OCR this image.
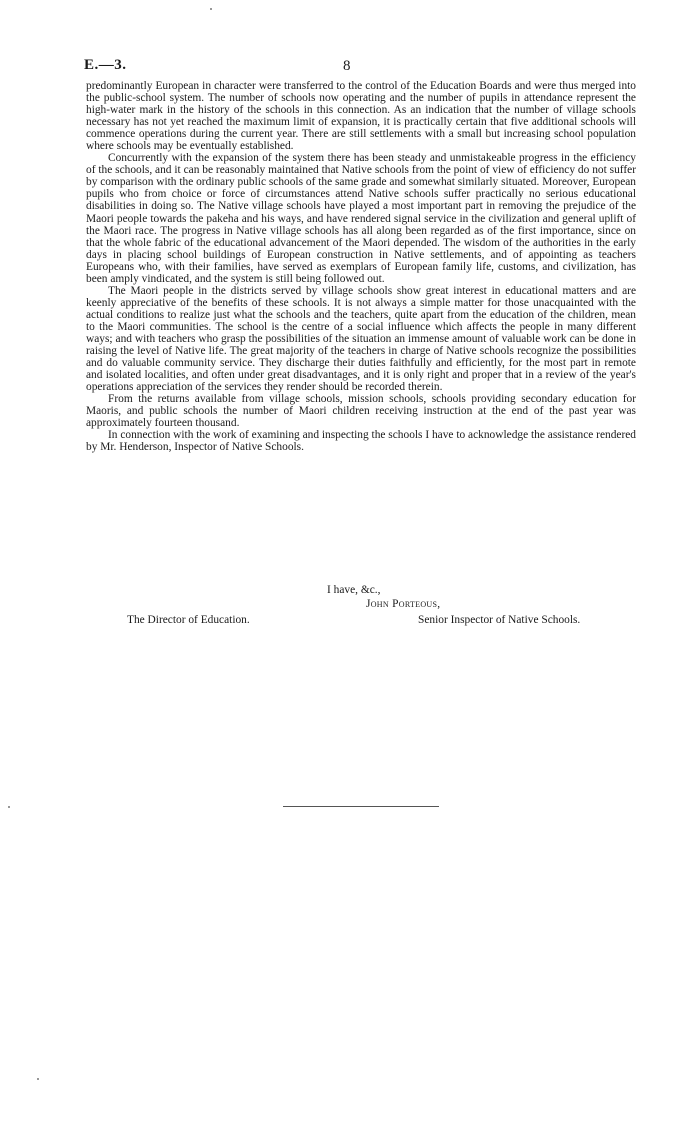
E.—3.	8

predominantly European in character were transferred to the control of the Education Boards and were thus merged into the public-school system. The number of schools now operating and the number of pupils in attendance represent the high-water mark in the history of the schools in this connection. As an indication that the number of village schools necessary has not yet reached the maximum limit of expansion, it is practically certain that five additional schools will commence operations during the current year. There are still settlements with a small but increasing school population where schools may be eventually established.

Concurrently with the expansion of the system there has been steady and unmistakeable progress in the efficiency of the schools, and it can be reasonably maintained that Native schools from the point of view of efficiency do not suffer by comparison with the ordinary public schools of the same grade and somewhat similarly situated. Moreover, European pupils who from choice or force of circumstances attend Native schools suffer practically no serious educational disabilities in doing so. The Native village schools have played a most important part in removing the prejudice of the Maori people towards the pakeha and his ways, and have rendered signal service in the civilization and general uplift of the Maori race. The progress in Native village schools has all along been regarded as of the first importance, since on that the whole fabric of the educational advancement of the Maori depended. The wisdom of the authorities in the early days in placing school buildings of European construction in Native settlements, and of appointing as teachers Europeans who, with their families, have served as exemplars of European family life, customs, and civilization, has been amply vindicated, and the system is still being followed out.

The Maori people in the districts served by village schools show great interest in educational matters and are keenly appreciative of the benefits of these schools. It is not always a simple matter for those unacquainted with the actual conditions to realize just what the schools and the teachers, quite apart from the education of the children, mean to the Maori communities. The school is the centre of a social influence which affects the people in many different ways; and with teachers who grasp the possibilities of the situation an immense amount of valuable work can be done in raising the level of Native life. The great majority of the teachers in charge of Native schools recognize the possibilities and do valuable community service. They discharge their duties faithfully and efficiently, for the most part in remote and isolated localities, and often under great disadvantages, and it is only right and proper that in a review of the year's operations appreciation of the services they render should be recorded therein.

From the returns available from village schools, mission schools, schools providing secondary education for Maoris, and public schools the number of Maori children receiving instruction at the end of the past year was approximately fourteen thousand.

In connection with the work of examining and inspecting the schools I have to acknowledge the assistance rendered by Mr. Henderson, Inspector of Native Schools.

I have, &c.,
John Porteous,
The Director of Education.	Senior Inspector of Native Schools.
